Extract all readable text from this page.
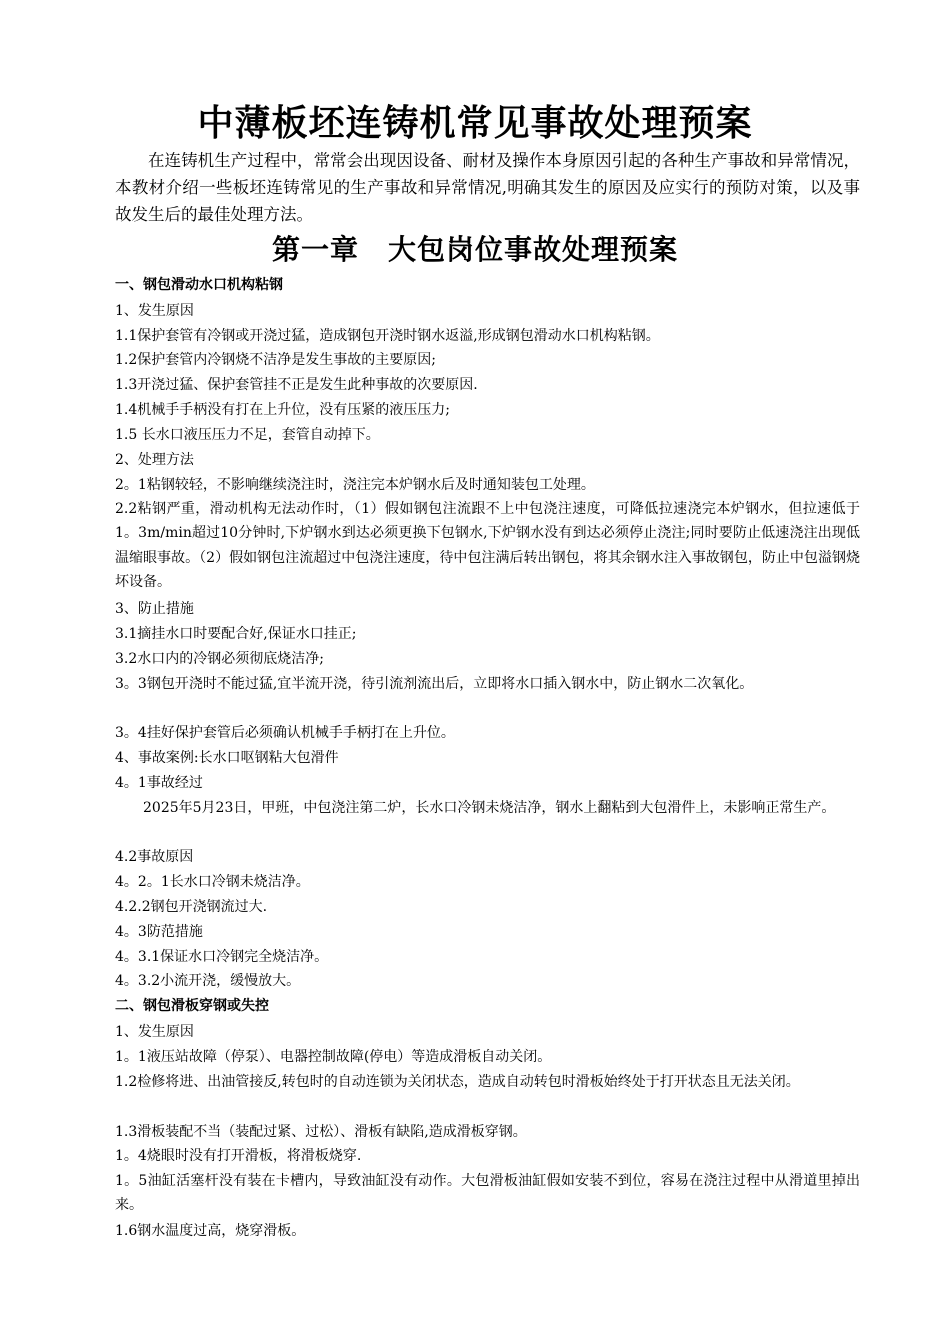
中薄板坯连铸机常见事故处理预案
在连铸机生产过程中，常常会出现因设备、耐材及操作本身原因引起的各种生产事故和异常情况，本教材介绍一些板坯连铸常见的生产事故和异常情况,明确其发生的原因及应实行的预防对策，以及事故发生后的最佳处理方法。
第一章　大包岗位事故处理预案
一、钢包滑动水口机构粘钢
1、发生原因
1.1保护套管有冷钢或开浇过猛，造成钢包开浇时钢水返溢,形成钢包滑动水口机构粘钢。
1.2保护套管内冷钢烧不洁净是发生事故的主要原因;
1.3开浇过猛、保护套管挂不正是发生此种事故的次要原因.
1.4机械手手柄没有打在上升位，没有压紧的液压压力;
1.5 长水口液压压力不足，套管自动掉下。
2、处理方法
2。1粘钢较轻，不影响继续浇注时，浇注完本炉钢水后及时通知装包工处理。
2.2粘钢严重，滑动机构无法动作时，（1）假如钢包注流跟不上中包浇注速度，可降低拉速浇完本炉钢水，但拉速低于1。3m/min超过10分钟时,下炉钢水到达必须更换下包钢水,下炉钢水没有到达必须停止浇注;同时要防止低速浇注出现低温缩眼事故。（2）假如钢包注流超过中包浇注速度，待中包注满后转出钢包，将其余钢水注入事故钢包，防止中包溢钢烧坏设备。
3、防止措施
3.1摘挂水口时要配合好,保证水口挂正;
3.2水口内的冷钢必须彻底烧洁净;
3。3钢包开浇时不能过猛,宜半流开浇，待引流剂流出后，立即将水口插入钢水中，防止钢水二次氧化。
3。4挂好保护套管后必须确认机械手手柄打在上升位。
4、事故案例:长水口呕钢粘大包滑件
4。1事故经过
2025年5月23日，甲班，中包浇注第二炉，长水口冷钢未烧洁净，钢水上翻粘到大包滑件上，未影响正常生产。
4.2事故原因
4。2。1长水口冷钢未烧洁净。
4.2.2钢包开浇钢流过大.
4。3防范措施
4。3.1保证水口冷钢完全烧洁净。
4。3.2小流开浇，缓慢放大。
二、钢包滑板穿钢或失控
1、发生原因
1。1液压站故障（停泵）、电器控制故障(停电）等造成滑板自动关闭。
1.2检修将进、出油管接反,转包时的自动连锁为关闭状态，造成自动转包时滑板始终处于打开状态且无法关闭。
1.3滑板装配不当（装配过紧、过松）、滑板有缺陷,造成滑板穿钢。
1。4烧眼时没有打开滑板，将滑板烧穿.
1。5油缸活塞杆没有装在卡槽内，导致油缸没有动作。大包滑板油缸假如安装不到位，容易在浇注过程中从滑道里掉出来。
1.6钢水温度过高，烧穿滑板。
